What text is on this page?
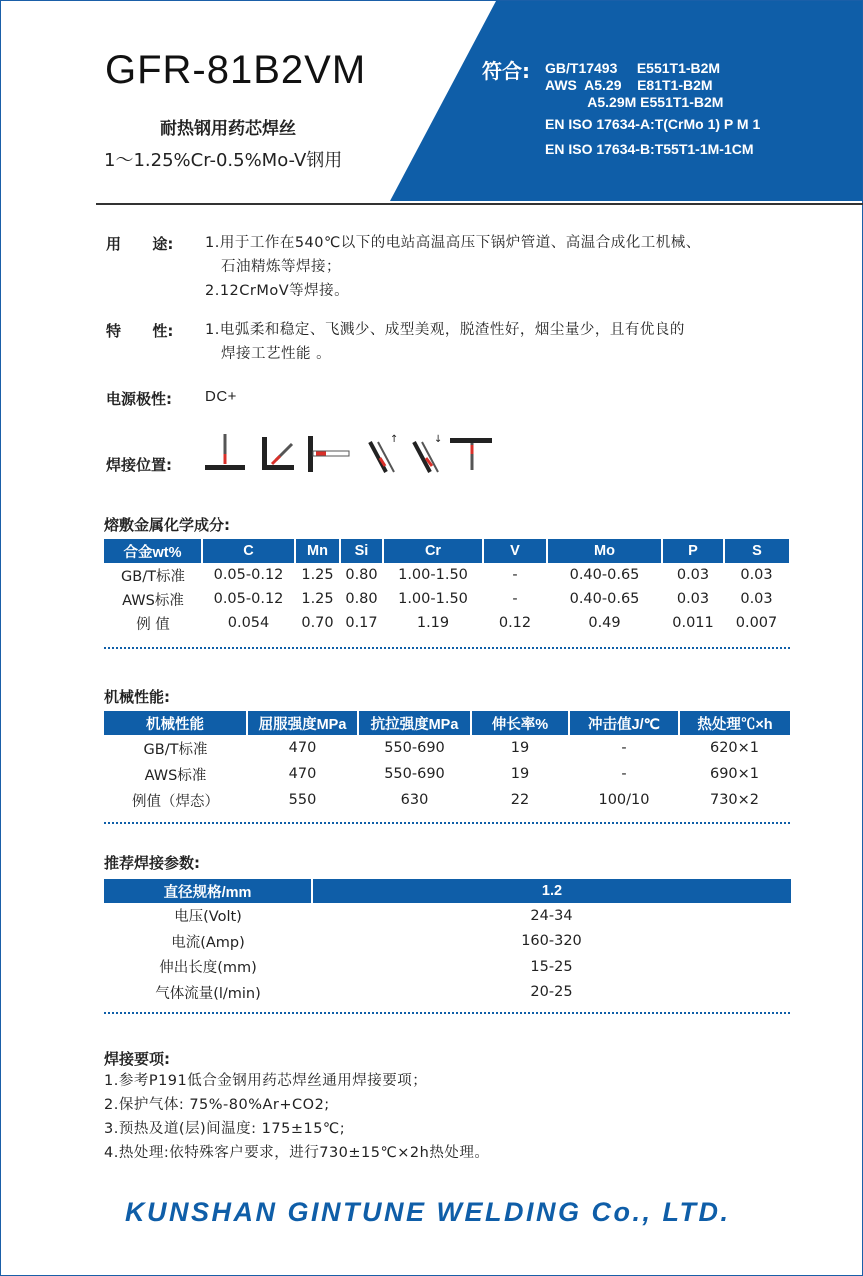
GFR-81B2VM
耐热钢用药芯焊丝
1～1.25%Cr-0.5%Mo-V钢用
符合: GB/T17493     E551T1-B2M
AWS  A5.29    E81T1-B2M
A5.29M E551T1-B2M
EN ISO 17634-A:T(CrMo 1) P M 1
EN ISO 17634-B:T55T1-1M-1CM
用      途: 1.用于工作在540℃以下的电站高温高压下锅炉管道、高温合成化工机械、
石油精炼等焊接；
2.12CrMoV等焊接。
特      性: 1.电弧柔和稳定、飞溅少、成型美观，脱渣性好，烟尘量少，且有优良的
焊接工艺性能 。
电源极性: DC+
焊接位置:
↑	↓
熔敷金属化学成分:
合金wt%	C	Mn	Si	Cr	V	Mo	P	S
GB/T标准	0.05-0.12	1.25	0.80	1.00-1.50	-	0.40-0.65	0.03	0.03
AWS标准	0.05-0.12	1.25	0.80	1.00-1.50	-	0.40-0.65	0.03	0.03
例 值	0.054	0.70	0.17	1.19	0.12	0.49	0.011	0.007
机械性能:
机械性能	屈服强度MPa	抗拉强度MPa	伸长率%	冲击值J/℃	热处理℃×h
GB/T标准	470	550-690	19	-	620×1
AWS标准	470	550-690	19	-	690×1
例值（焊态）	550	630	22	100/10	730×2
推荐焊接参数:
直径规格/mm	1.2
电压(Volt)	24-34
电流(Amp)	160-320
伸出长度(mm)	15-25
气体流量(l/min)	20-25
焊接要项:
1.参考P191低合金钢用药芯焊丝通用焊接要项；
2.保护气体: 75%-80%Ar+CO2;
3.预热及道(层)间温度: 175±15℃;
4.热处理:依特殊客户要求，进行730±15℃×2h热处理。
KUNSHAN GINTUNE WELDING Co., LTD.
